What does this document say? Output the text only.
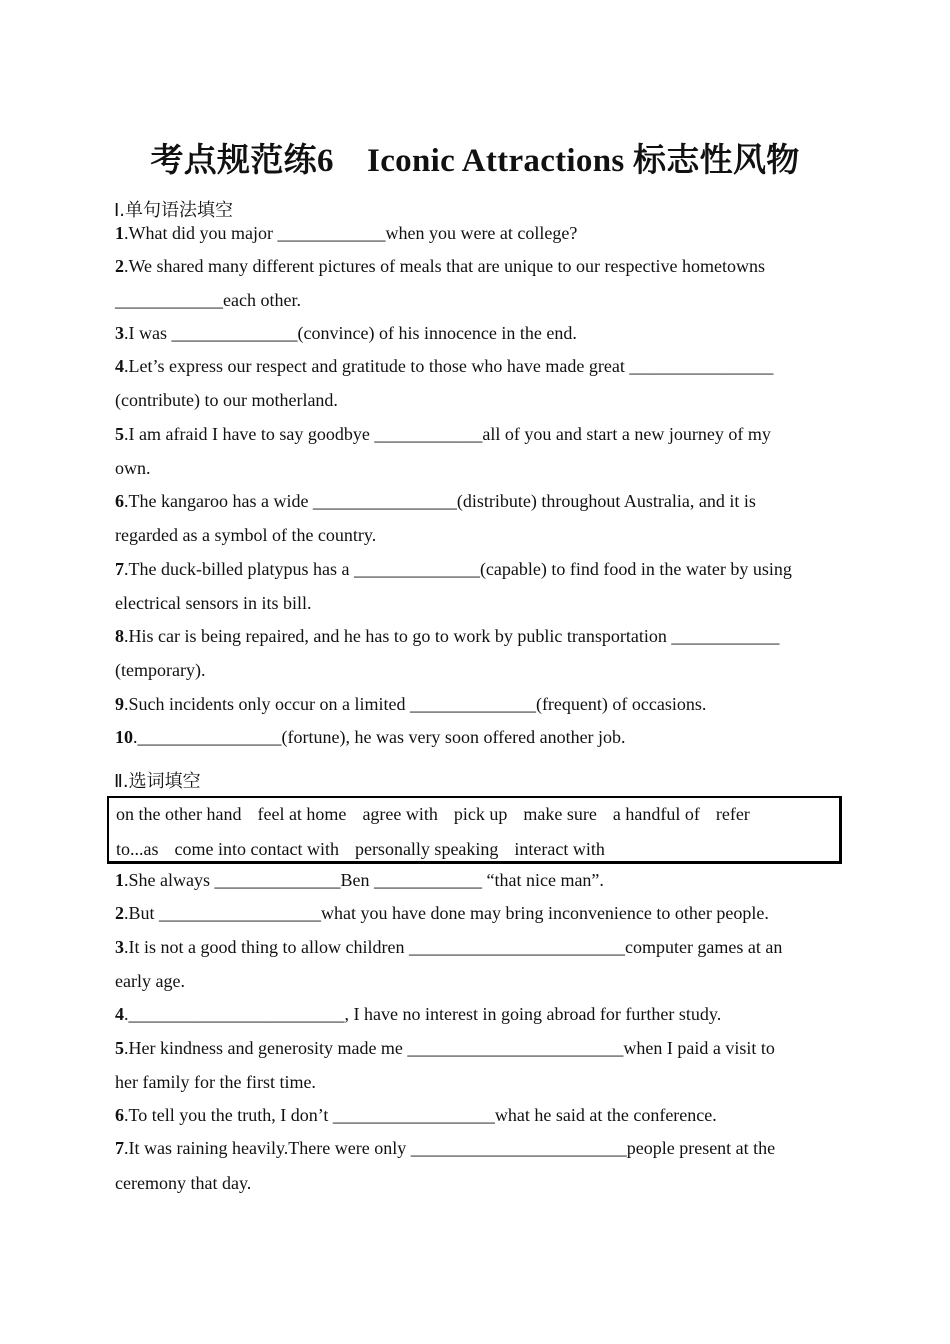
考点规范练6　Iconic Attractions 标志性风物
Ⅰ.单句语法填空
1.What did you major ____________when you were at college?
2.We shared many different pictures of meals that are unique to our respective hometowns
____________each other.
3.I was ______________(convince) of his innocence in the end.
4.Let’s express our respect and gratitude to those who have made great ________________
(contribute) to our motherland.
5.I am afraid I have to say goodbye ____________all of you and start a new journey of my
own.
6.The kangaroo has a wide ________________(distribute) throughout Australia, and it is
regarded as a symbol of the country.
7.The duck-billed platypus has a ______________(capable) to find food in the water by using
electrical sensors in its bill.
8.His car is being repaired, and he has to go to work by public transportation ____________
(temporary).
9.Such incidents only occur on a limited ______________(frequent) of occasions.
10.________________(fortune), he was very soon offered another job.
Ⅱ.选词填空
on the other hand feel at home agree with pick up make sure a handful of refer
to...as come into contact with personally speaking interact with
1.She always ______________Ben ____________ “that nice man”.
2.But __________________what you have done may bring inconvenience to other people.
3.It is not a good thing to allow children ________________________computer games at an
early age.
4.________________________, I have no interest in going abroad for further study.
5.Her kindness and generosity made me ________________________when I paid a visit to
her family for the first time.
6.To tell you the truth, I don’t __________________what he said at the conference.
7.It was raining heavily.There were only ________________________people present at the
ceremony that day.
